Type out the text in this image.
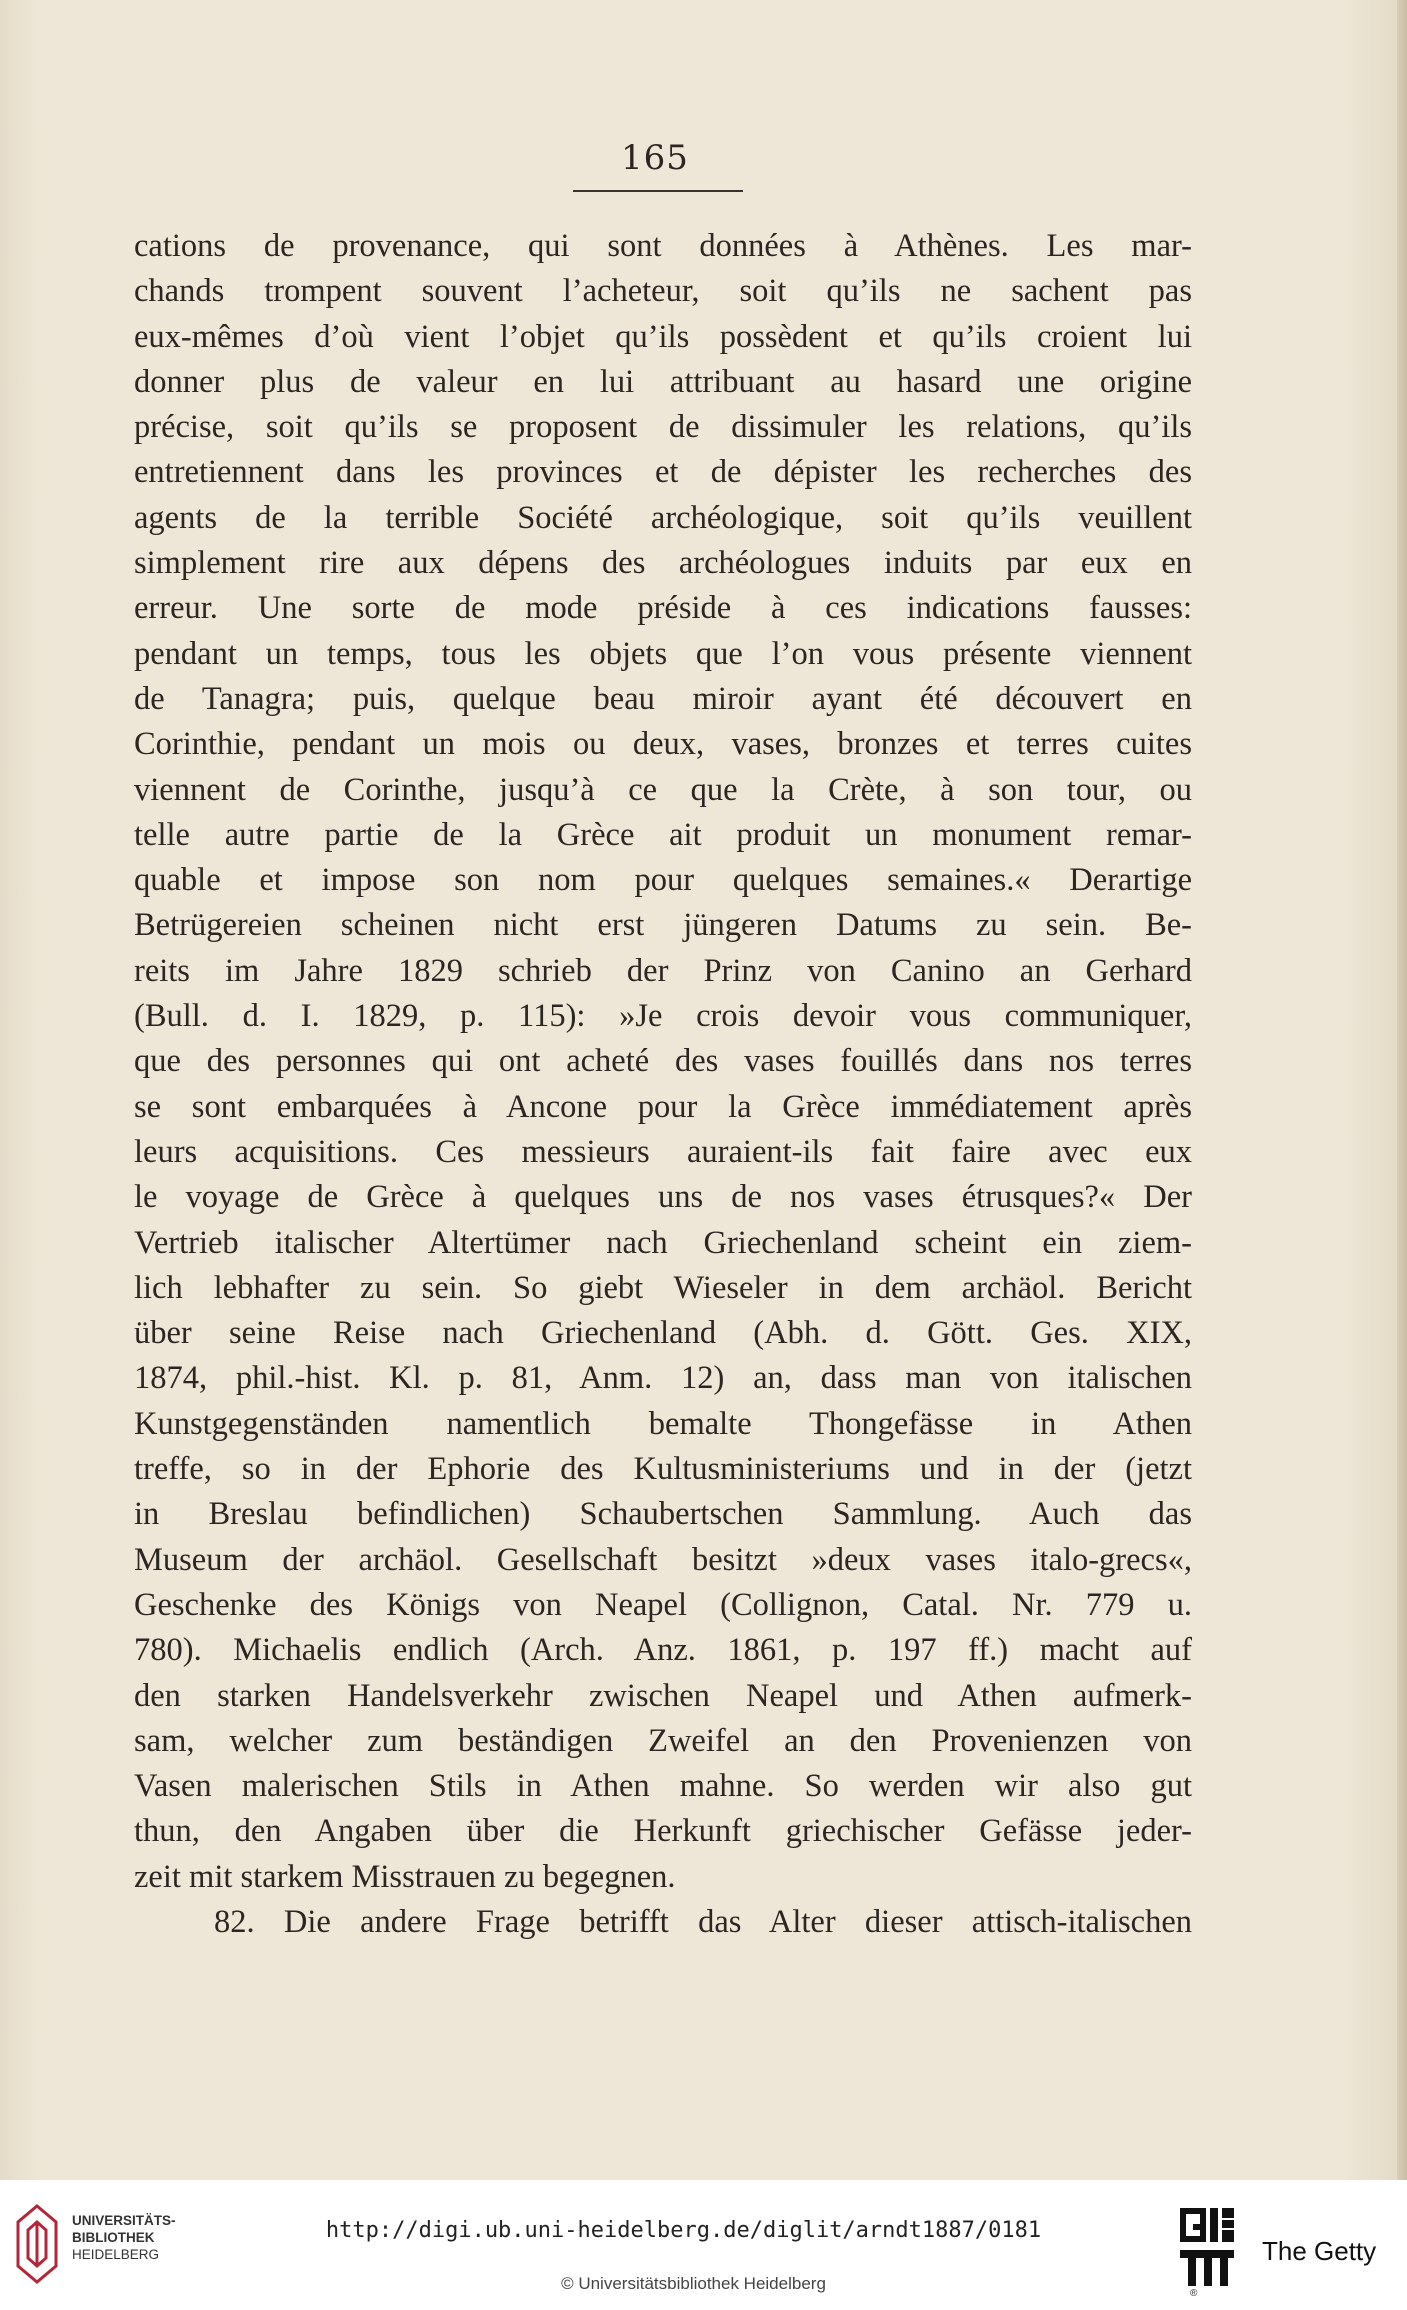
165
cations de provenance, qui sont données à Athènes. Les mar-
chands trompent souvent l’acheteur, soit qu’ils ne sachent pas
eux-mêmes d’où vient l’objet qu’ils possèdent et qu’ils croient lui
donner plus de valeur en lui attribuant au hasard une origine
précise, soit qu’ils se proposent de dissimuler les relations, qu’ils
entretiennent dans les provinces et de dépister les recherches des
agents de la terrible Société archéologique, soit qu’ils veuillent
simplement rire aux dépens des archéologues induits par eux en
erreur. Une sorte de mode préside à ces indications fausses:
pendant un temps, tous les objets que l’on vous présente viennent
de Tanagra; puis, quelque beau miroir ayant été découvert en
Corinthie, pendant un mois ou deux, vases, bronzes et terres cuites
viennent de Corinthe, jusqu’à ce que la Crète, à son tour, ou
telle autre partie de la Grèce ait produit un monument remar-
quable et impose son nom pour quelques semaines.« Derartige
Betrügereien scheinen nicht erst jüngeren Datums zu sein. Be-
reits im Jahre 1829 schrieb der Prinz von Canino an Gerhard
(Bull. d. I. 1829, p. 115): »Je crois devoir vous communiquer,
que des personnes qui ont acheté des vases fouillés dans nos terres
se sont embarquées à Ancone pour la Grèce immédiatement après
leurs acquisitions. Ces messieurs auraient-ils fait faire avec eux
le voyage de Grèce à quelques uns de nos vases étrusques?« Der
Vertrieb italischer Altertümer nach Griechenland scheint ein ziem-
lich lebhafter zu sein. So giebt Wieseler in dem archäol. Bericht
über seine Reise nach Griechenland (Abh. d. Gött. Ges. XIX,
1874, phil.-hist. Kl. p. 81, Anm. 12) an, dass man von italischen
Kunstgegenständen namentlich bemalte Thongefässe in Athen
treffe, so in der Ephorie des Kultusministeriums und in der (jetzt
in Breslau befindlichen) Schaubertschen Sammlung. Auch das
Museum der archäol. Gesellschaft besitzt »deux vases italo-grecs«,
Geschenke des Königs von Neapel (Collignon, Catal. Nr. 779 u.
780). Michaelis endlich (Arch. Anz. 1861, p. 197 ff.) macht auf
den starken Handelsverkehr zwischen Neapel und Athen aufmerk-
sam, welcher zum beständigen Zweifel an den Provenienzen von
Vasen malerischen Stils in Athen mahne. So werden wir also gut
thun, den Angaben über die Herkunft griechischer Gefässe jeder-
zeit mit starkem Misstrauen zu begegnen.
82. Die andere Frage betrifft das Alter dieser attisch-italischen
UNIVERSITÄTS-
BIBLIOTHEK
HEIDELBERG
http://digi.ub.uni-heidelberg.de/diglit/arndt1887/0181
© Universitätsbibliothek Heidelberg
®
The Getty
